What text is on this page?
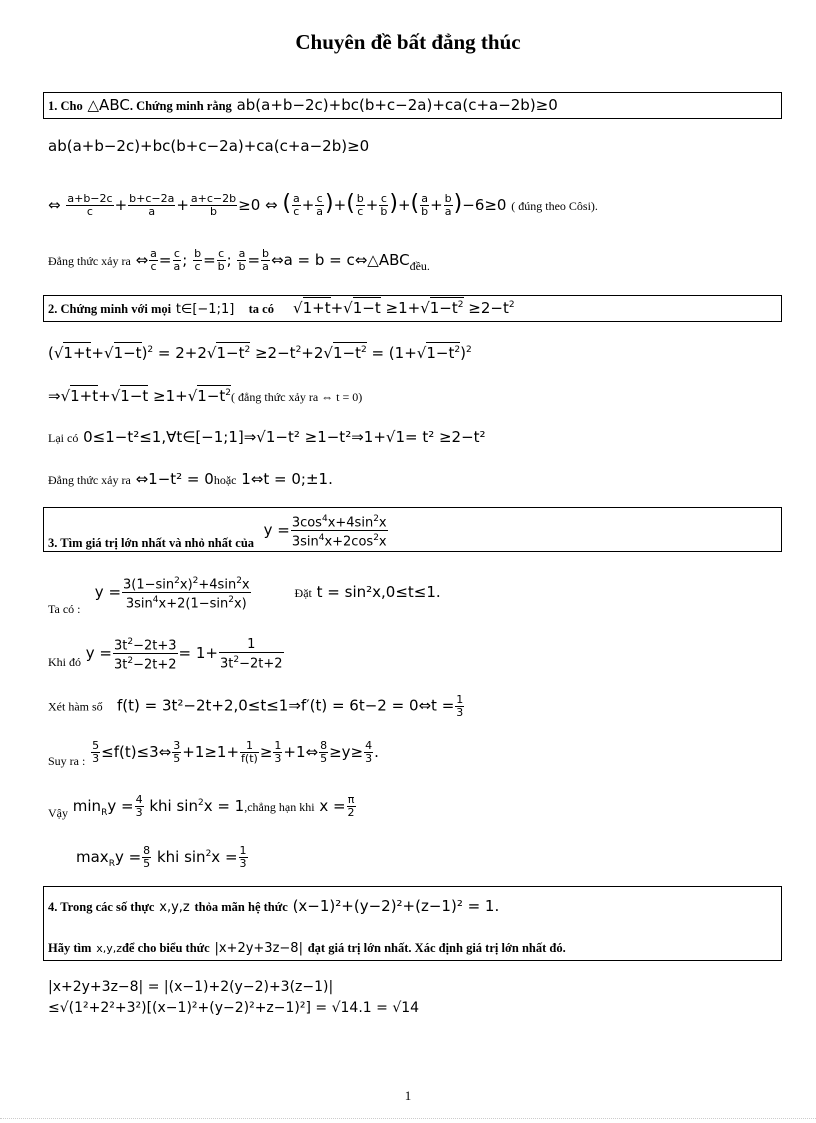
Chuyên đề bất đẳng thúc
1. Cho △ABC. Chứng minh rằng ab(a+b−2c)+bc(b+c−2a)+ca(c+a−2b)≥0
ab(a+b−2c)+bc(b+c−2a)+ca(c+a−2b)≥0
⇔ $\frac{a+b-2c}{c} + \frac{b+c-2a}{a} + \frac{a+c-2b}{b} \ge 0$ ⇔ ( $\frac{a}{c} + \frac{c}{a}$ )+( $\frac{b}{c} + \frac{c}{b}$ )+( $\frac{a}{b} + \frac{b}{a} )-6\ge 0$ ( đúng theo Côsi).
Đẳng thức xảy ra ⇔ $\frac{a}{c} = \frac{c}{a}$ ; $\frac{b}{c} = \frac{c}{b}$ ; $\frac{a}{b} = \frac{b}{a}$ ⇔a = $b = c\Leftrightarrow\triangle ABC_{đều.}$
2. Chứng minh với mọi t∈[−1;1] ta có $√1+t+√1-t \ge 1+√1-t^2 \ge 2-t^2$
$(√1+t+√1-t)^2 = 2+2√1-t^2 \ge 2-t^2+2√1-t^2 = (1+√1-t^2)^2$
⇒√1+t+√1−t $\ge 1+√1-t^2$( đẳng thức xảy ra ⇔ t = 0)
Lại có 0≤1−t²≤1,∀t∈[−1;1]⇒√1−t² ≥1−t²⇒1+√1= t² ≥2−t²
Đẳng thức xảy ra ⇔1−t² = 0hoặc 1⇔t = 0;±1.
$_{3. Tìm giá trị lớn nhất và nhỏ nhất của}$  $y = \frac{3\cos^4x+4\sin^2x}{3\sin^4x+2\cos^2x}$
$_{Ta có :}$   $y = \frac{3(1-\sin^2x)^2+4\sin^2x}{3\sin^4x+2(1-\sin^2x)}$	Đặt t = sin²x,0≤t≤1.
$_{Khi đó}$ $y = \frac{3t^2-2t+3}{3t^2-2t+2} = 1+ \frac{1}{3t^2-2t+2}$
Xét hàm số f(t) = 3t²−2t+2,0≤t≤1⇒f′(t) = 6t−2 = 0⇔t = $\frac{1}{3}$
$_{Suy ra :} \frac{5}{3}$ ≤f(t)≤3⇔ $\frac{3}{5} +1\ge 1+ \frac{1}{f(t)} \ge \frac{1}{3}$ +1⇔ $\frac{8}{5} \ge y\ge \frac{4}{3}$ .
$_{Vậy}$ $\min_Ry = \frac{4}{3}$ khi $\sin^2x$ = 1,chẳng hạn khi $x = \frac{\pi}{2}$
$\max_Ry = \frac{8}{5}$ khi $\sin^2x = \frac{1}{3}$
4. Trong các số thực x,y,z thỏa mãn hệ thức (x−1)²+(y−2)²+(z−1)² = 1.
Hãy tìm x,y,zđể cho biểu thức |x+2y+3z−8| đạt giá trị lớn nhất. Xác định giá trị lớn nhất đó.
|x+2y+3z−8| = |(x−1)+2(y−2)+3(z−1)|
≤√(1²+2²+3²)[(x−1)²+(y−2)²+z−1)²] = √14.1 = √14
1
